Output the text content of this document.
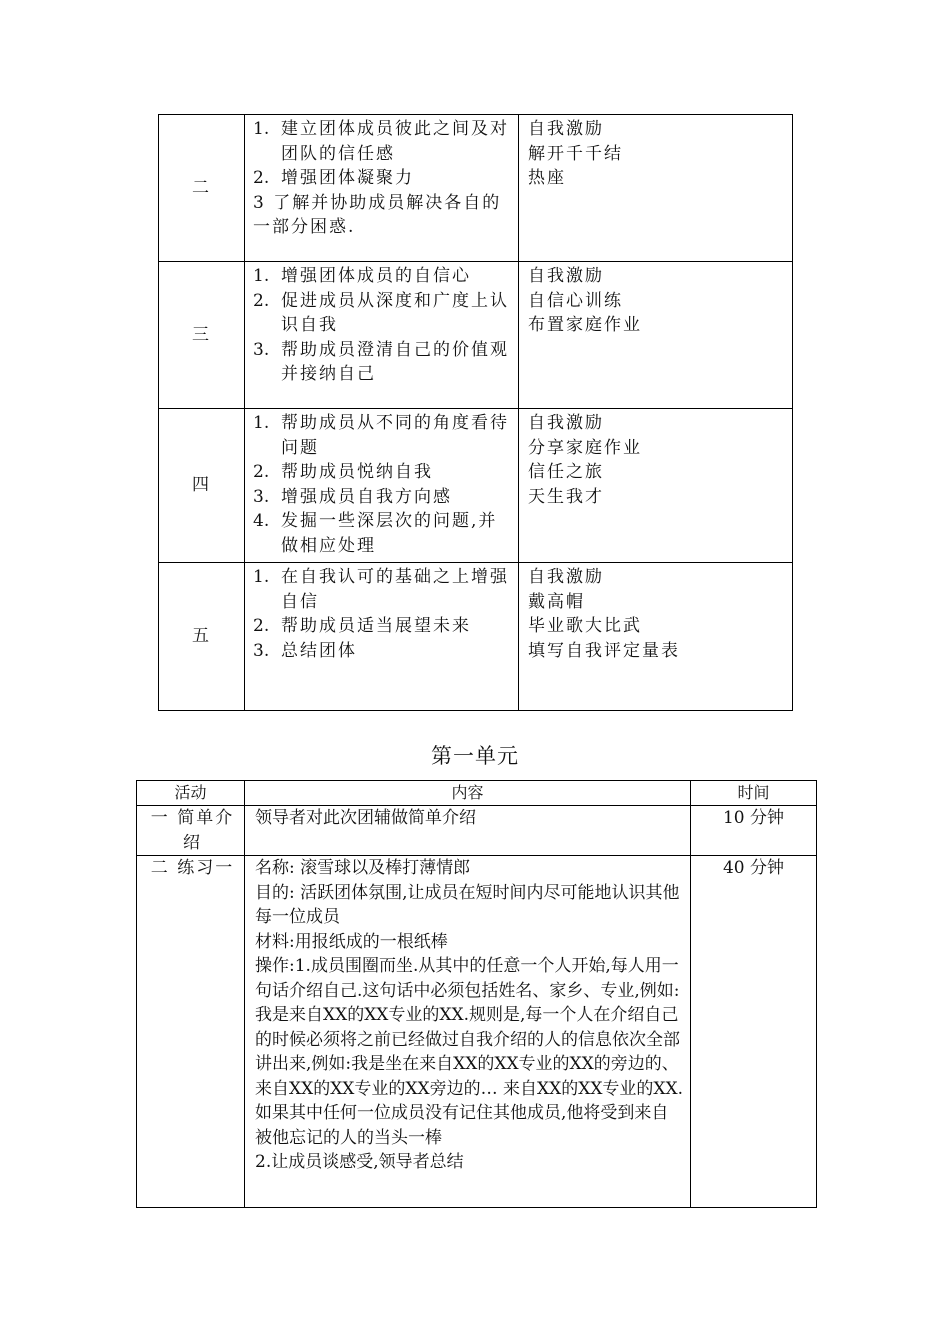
二	1. 建立团体成员彼此之间及对团队的信任感
2. 增强团体凝聚力
3 了解并协助成员解决各自的一部分困惑.	自我激励
解开千千结
热座

三	1. 增强团体成员的自信心
2. 促进成员从深度和广度上认识自我
3. 帮助成员澄清自己的价值观并接纳自己	自我激励
自信心训练
布置家庭作业

四	1. 帮助成员从不同的角度看待问题
2. 帮助成员悦纳自我
3. 增强成员自我方向感
4. 发掘一些深层次的问题,并做相应处理	自我激励
分享家庭作业
信任之旅
天生我才

五	1. 在自我认可的基础之上增强自信
2. 帮助成员适当展望未来
3. 总结团体	自我激励
戴高帽
毕业歌大比武
填写自我评定量表
第一单元
活动	内容	时间
一 简单介绍	领导者对此次团辅做简单介绍	10 分钟
二 练习一	名称: 滚雪球以及棒打薄情郎
目的: 活跃团体氛围,让成员在短时间内尽可能地认识其他每一位成员
材料:用报纸成的一根纸棒
操作:1.成员围圈而坐.从其中的任意一个人开始,每人用一句话介绍自己.这句话中必须包括姓名、家乡、专业,例如:我是来自XX的XX专业的XX.规则是,每一个人在介绍自己的时候必须将之前已经做过自我介绍的人的信息依次全部讲出来,例如:我是坐在来自XX的XX专业的XX的旁边的、来自XX的XX专业的XX旁边的… 来自XX的XX专业的XX.如果其中任何一位成员没有记住其他成员,他将受到来自被他忘记的人的当头一棒
2.让成员谈感受,领导者总结	40 分钟
